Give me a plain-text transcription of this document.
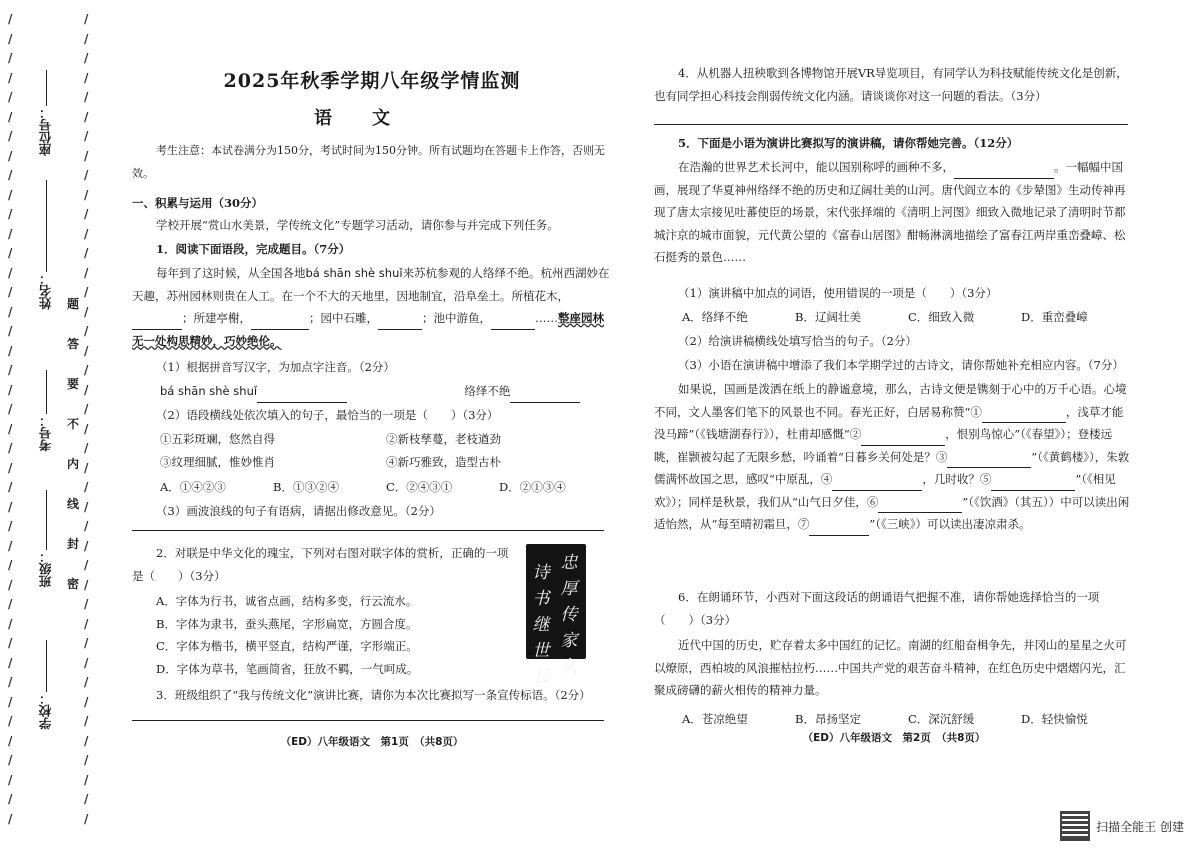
/
/
/
/
/
/
/
/
/
/
/
/
/
/
/
/
/
/
/
/
/
/
/
/
/
/
/
/
/
/
/
/
/
/
/
/
/
/
/
/
/
/
/
/
/
/
/
/
/
/
/
/
/
/
/
/
/
/
/
/
/
/
/
/
/
/
/
/
/
/
/
/
/
/
/
/
/
/
/
/
/
/
/
/
座位号：
姓名：
考号：
班级：
学校：
题
答
要
不
内
线
封
密
2025年秋季学期八年级学情监测
语文
考生注意：本试卷满分为150分，考试时间为150分钟。所有试题均在答题卡上作答，否则无效。
一、积累与运用（30分）
学校开展“赏山水美景，学传统文化”专题学习活动，请你参与并完成下列任务。
1．阅读下面语段，完成题目。（7分）
每年到了这时候，从全国各地bá shān shè shuǐ来苏杭参观的人络绎不绝。杭州西湖妙在天趣，苏州园林则贵在人工。在一个不大的天地里，因地制宜，沿阜垒土。所植花木，；所建亭榭，	；园中石雕，	；池中游鱼，	……整座园林无一处构思精妙，巧妙绝伦。
（1）根据拼音写汉字，为加点字注音。（2分）
bá shān shè shuǐ	络绎不绝
（2）语段横线处依次填入的句子，最恰当的一项是（　　）（3分）
①五彩斑斓，悠然自得	②新枝孳蔓，老枝遒劲
③纹理细腻，惟妙惟肖	④新巧雅致，造型古朴
A．①④②③	B．①③②④	C．②④③①	D．②①③④
（3）画波浪线的句子有语病，请据出修改意见。（2分）
2．对联是中华文化的瑰宝，下列对右图对联字体的赏析，正确的一项是（　　）（3分）
A．字体为行书，诚省点画，结构多变，行云流水。
B．字体为隶书，蚕头燕尾，字形扁宽，方圆合度。
C．字体为楷书，横平竖直，结构严谨，字形端正。
D．字体为草书，笔画简省，狂放不羁，一气呵成。
诗书继世长
忠厚传家久
3．班级组织了“我与传统文化”演讲比赛，请你为本次比赛拟写一条宣传标语。（2分）
（ED）八年级语文　第1页　（共8页）
4．从机器人扭秧歌到各博物馆开展VR导览项目，有同学认为科技赋能传统文化是创新，也有同学担心科技会削弱传统文化内涵。请谈谈你对这一问题的看法。（3分）
5．下面是小语为演讲比赛拟写的演讲稿，请你帮她完善。（12分）
在浩瀚的世界艺术长河中，能以国别称呼的画种不多，	。一幅幅中国画，展现了华夏神州络绎不绝的历史和辽阔壮美的山河。唐代阎立本的《步辇图》生动传神再现了唐太宗接见吐蕃使臣的场景，宋代张择端的《清明上河图》细致入微地记录了清明时节都城汴京的城市面貌，元代黄公望的《富春山居图》酣畅淋漓地描绘了富春江两岸重峦叠嶂、松石挺秀的景色……
（1）演讲稿中加点的词语，使用错误的一项是（　　）（3分）
A．络绎不绝	B．辽阔壮美	C．细致入微	D．重峦叠嶂
（2）给演讲稿横线处填写恰当的句子。（2分）
（3）小语在演讲稿中增添了我们本学期学过的古诗文，请你帮她补充相应内容。（7分）
如果说，国画是泼洒在纸上的静谧意境，那么，古诗文便是镌刻于心中的万千心语。心境不同，文人墨客们笔下的风景也不同。春光正好，白居易称赞“①	，浅草才能没马蹄”（《钱塘湖春行》），杜甫却感慨“②	，恨别鸟惊心”（《春望》）；登楼远眺，崔颢被勾起了无限乡愁，吟诵着“日暮乡关何处是？③	”（《黄鹤楼》），朱敦儒满怀故国之思，感叹“中原乱，④	，几时收？⑤	”（《相见欢》）；同样是秋景，我们从“山气日夕佳，⑥	”（《饮酒》（其五））中可以读出闲适怡然，从“每至晴初霜旦，⑦	”（《三峡》）可以读出凄凉肃杀。
6．在朗诵环节，小西对下面这段话的朗诵语气把握不准，请你帮她选择恰当的一项（　　）（3分）
近代中国的历史，贮存着太多中国红的记忆。南湖的红船奋楫争先，井冈山的星星之火可以燎原，西柏坡的风浪摧枯拉朽……中国共产党的艰苦奋斗精神，在红色历史中熠熠闪光，汇聚成磅礴的薪火相传的精神力量。
A．苍凉绝望	B．昂扬坚定	C．深沉舒缓	D．轻快愉悦
（ED）八年级语文　第2页　（共8页）
扫描全能王 创建
